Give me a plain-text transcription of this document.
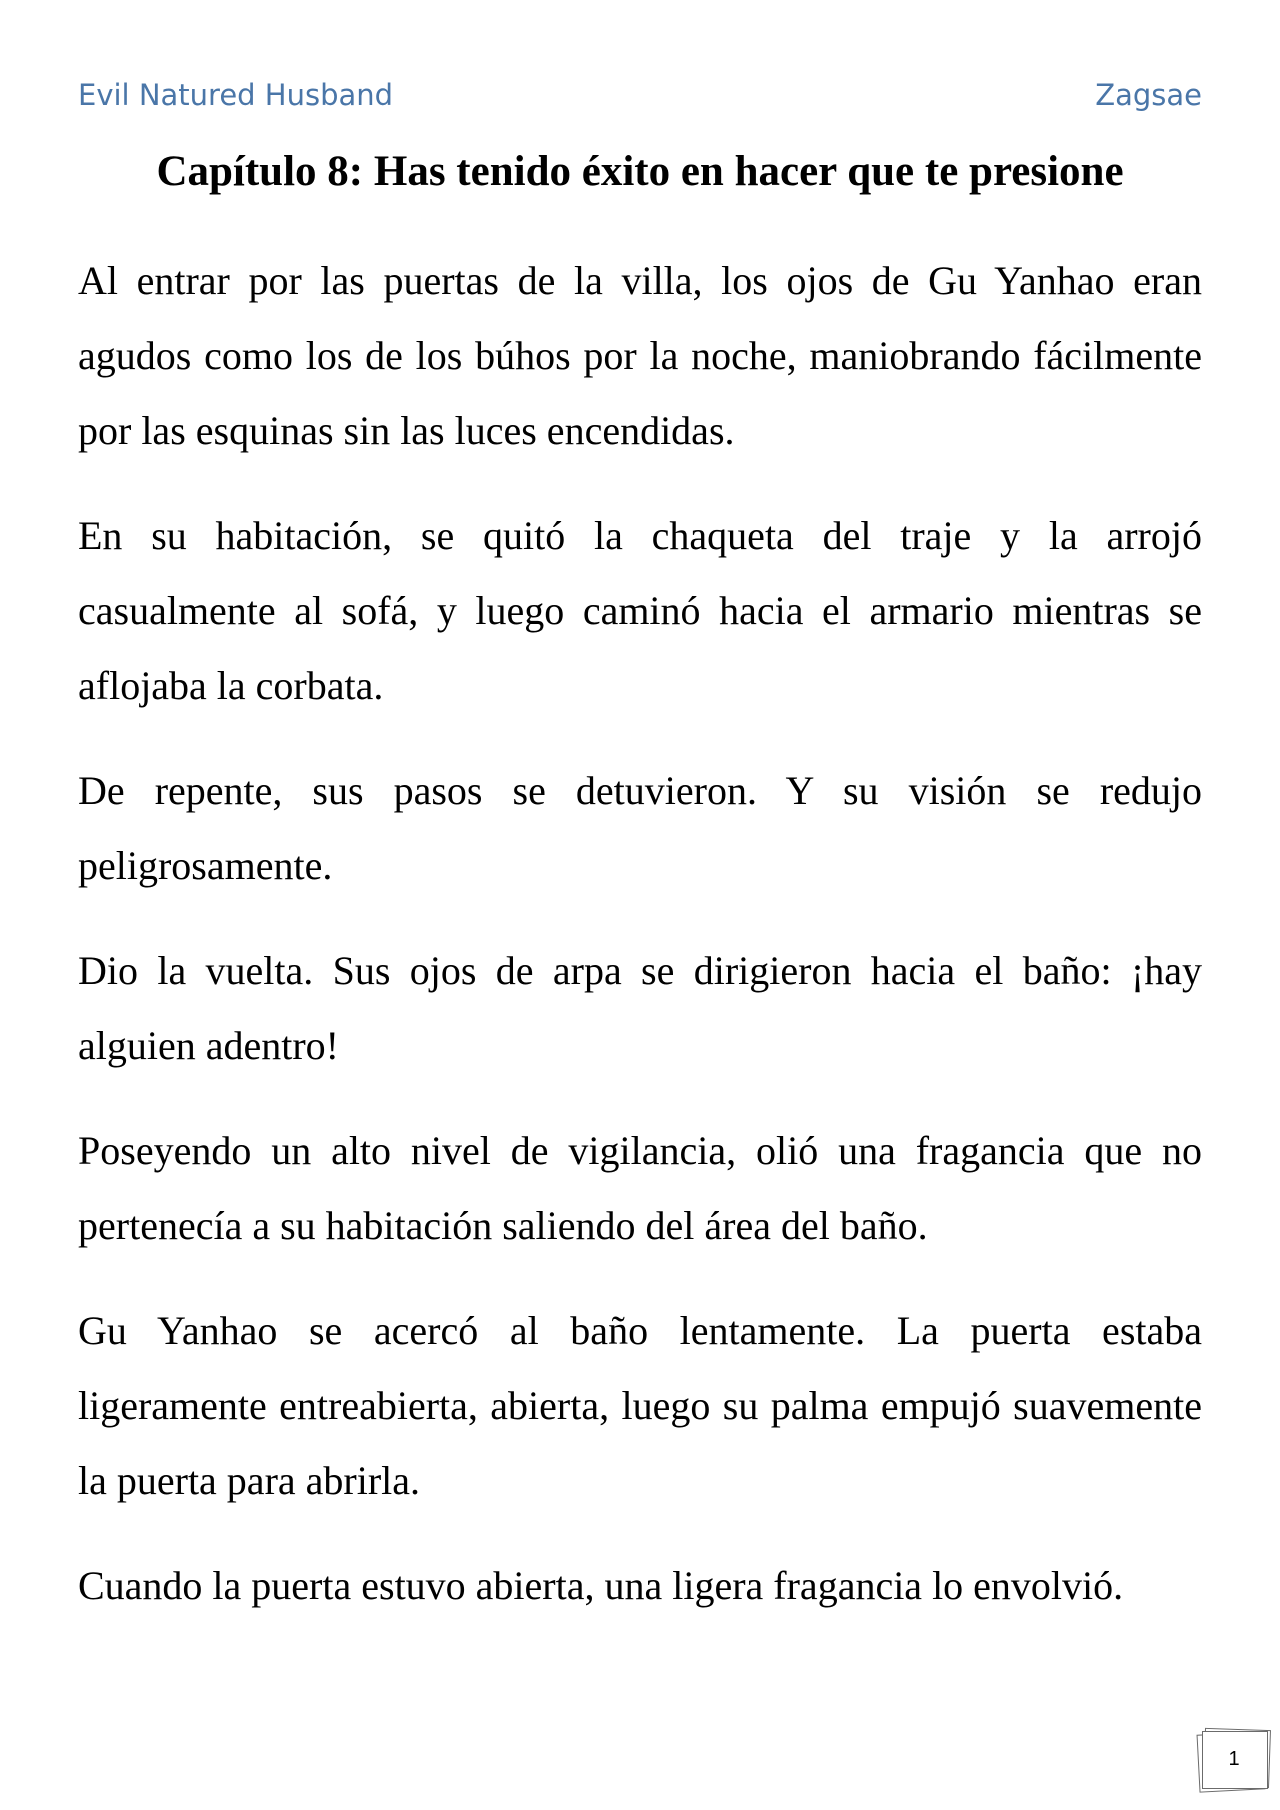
Evil Natured Husband	Zagsae
Capítulo 8: Has tenido éxito en hacer que te presione

Al entrar por las puertas de la villa, los ojos de Gu Yanhao eran agudos como los de los búhos por la noche, maniobrando fácilmente por las esquinas sin las luces encendidas.

En su habitación, se quitó la chaqueta del traje y la arrojó casualmente al sofá, y luego caminó hacia el armario mientras se aflojaba la corbata.

De repente, sus pasos se detuvieron. Y su visión se redujo peligrosamente.

Dio la vuelta. Sus ojos de arpa se dirigieron hacia el baño: ¡hay alguien adentro!

Poseyendo un alto nivel de vigilancia, olió una fragancia que no pertenecía a su habitación saliendo del área del baño.

Gu Yanhao se acercó al baño lentamente. La puerta estaba ligeramente entreabierta, abierta, luego su palma empujó suavemente la puerta para abrirla.

Cuando la puerta estuvo abierta, una ligera fragancia lo envolvió.

1
